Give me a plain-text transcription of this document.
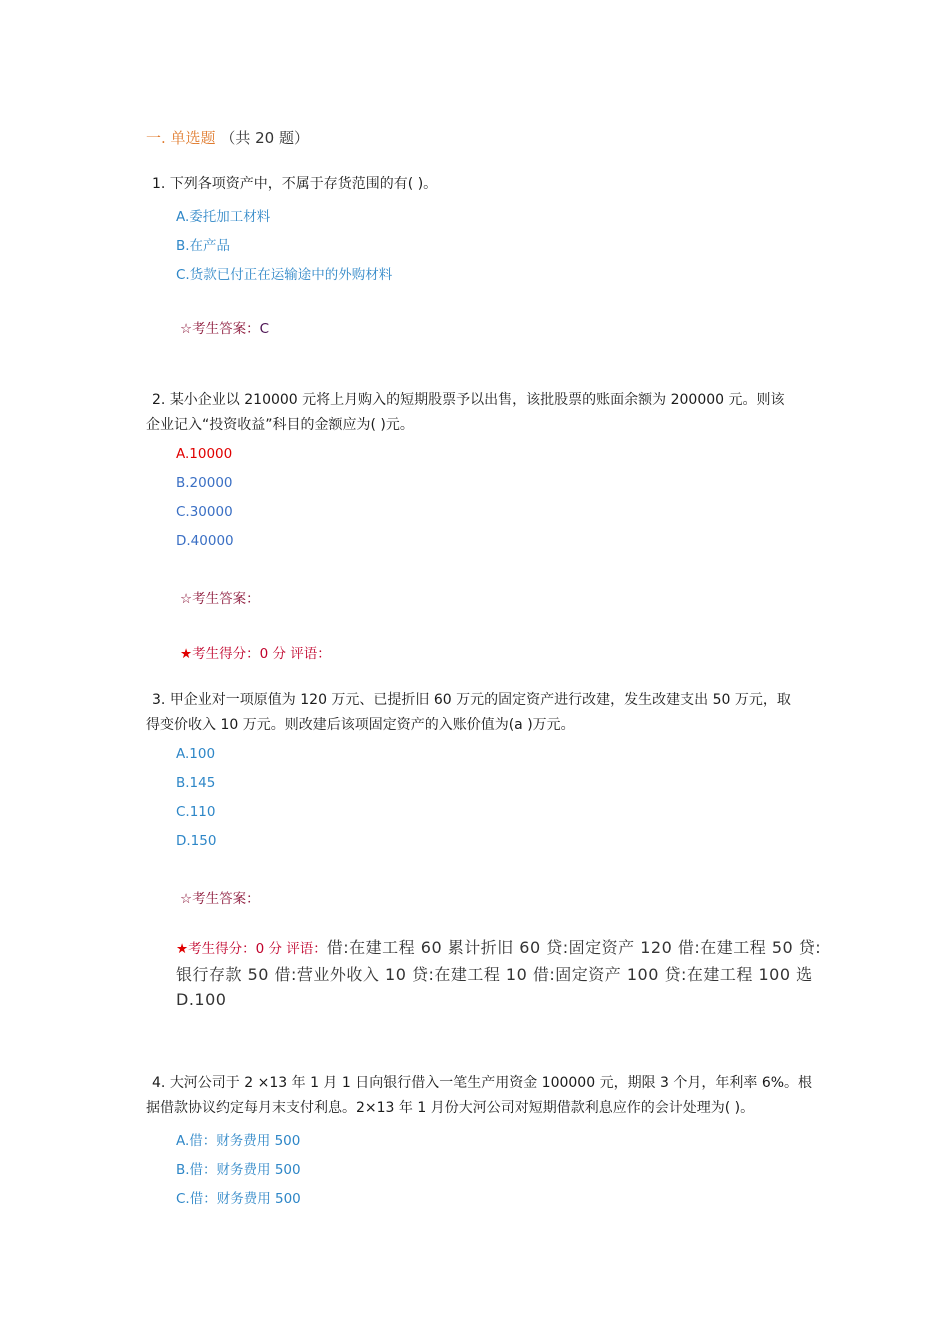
一. 单选题 （共 20 题）
1. 下列各项资产中，不属于存货范围的有( )。
A.委托加工材料
B.在产品
C.货款已付正在运输途中的外购材料
☆考生答案：C
2. 某小企业以 210000 元将上月购入的短期股票予以出售，该批股票的账面余额为 200000 元。则该
企业记入“投资收益”科目的金额应为( )元。
A.10000
B.20000
C.30000
D.40000
☆考生答案：
★考生得分：0 分 评语：
3. 甲企业对一项原值为 120 万元、已提折旧 60 万元的固定资产进行改建，发生改建支出 50 万元，取
得变价收入 10 万元。则改建后该项固定资产的入账价值为(a )万元。
A.100
B.145
C.110
D.150
☆考生答案：
★考生得分：0 分 评语：借:在建工程 60 累计折旧 60 贷:固定资产 120 借:在建工程 50 贷:银行存款 50 借:营业外收入 10 贷:在建工程 10 借:固定资产 100 贷:在建工程 100 选 D.100
4. 大河公司于 2 ×13 年 1 月 1 日向银行借入一笔生产用资金 100000 元，期限 3 个月，年利率 6%。根
据借款协议约定每月末支付利息。2×13 年 1 月份大河公司对短期借款利息应作的会计处理为( )。
A.借：财务费用 500
B.借：财务费用 500
C.借：财务费用 500
